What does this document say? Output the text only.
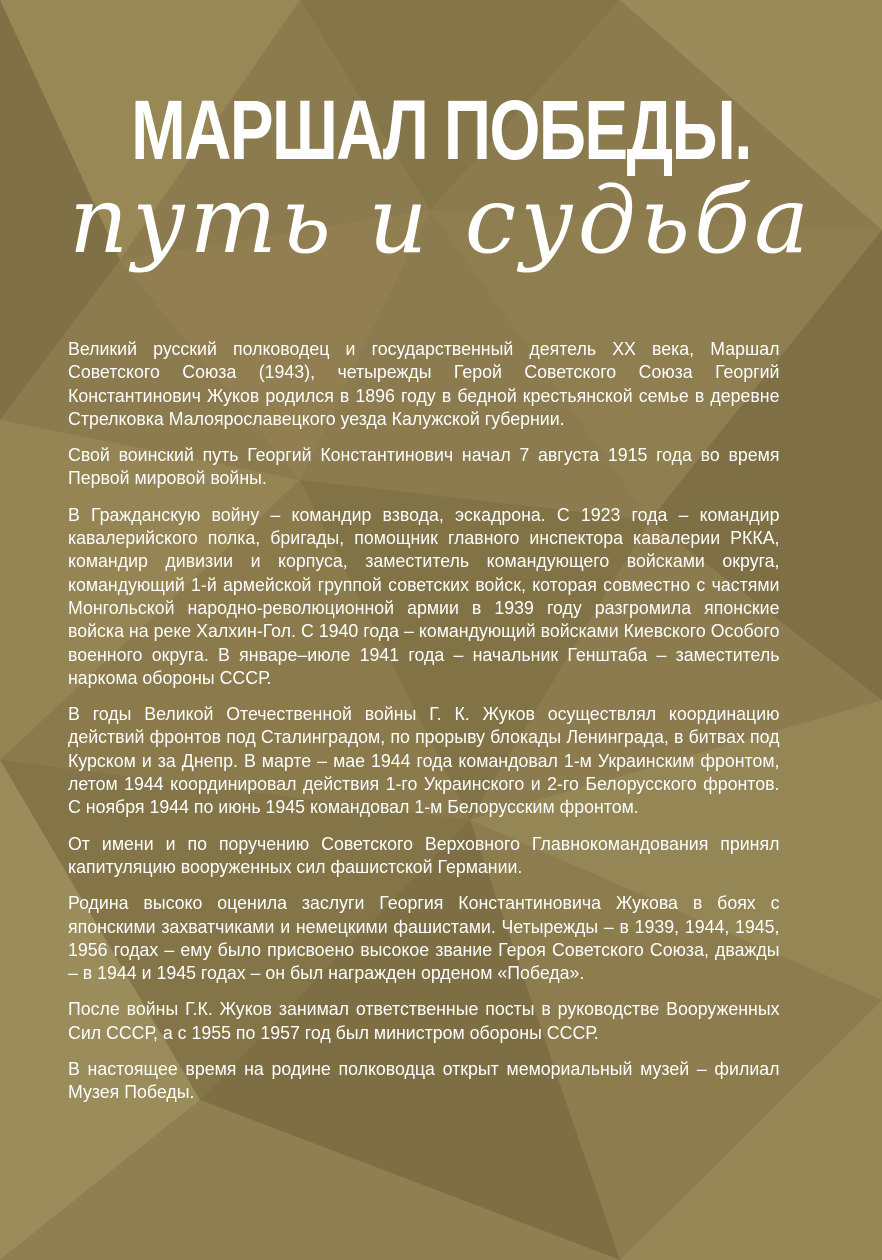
МАРШАЛ ПОБЕДЫ.
путь и судьба

Великий русский полководец и государственный деятель XX века, Маршал Советского Союза (1943), четырежды Герой Советского Союза Георгий Константинович Жуков родился в 1896 году в бедной крестьянской семье в деревне Стрелковка Малоярославецкого уезда Калужской губернии.

Свой воинский путь Георгий Константинович начал 7 августа 1915 года во время Первой мировой войны.

В Гражданскую войну – командир взвода, эскадрона. С 1923 года – командир кавалерийского полка, бригады, помощник главного инспектора кавалерии РККА, командир дивизии и корпуса, заместитель командующего войсками округа, командующий 1-й армейской группой советских войск, которая совместно с частями Монгольской народно-революционной армии в 1939 году разгромила японские войска на реке Халхин-Гол. С 1940 года – командующий войсками Киевского Особого военного округа. В январе–июле 1941 года – начальник Генштаба – заместитель наркома обороны СССР.

В годы Великой Отечественной войны Г. К. Жуков осуществлял координацию действий фронтов под Сталинградом, по прорыву блокады Ленинграда, в битвах под Курском и за Днепр. В марте – мае 1944 года командовал 1-м Украинским фронтом, летом 1944 координировал действия 1-го Украинского и 2-го Белорусского фронтов. С ноября 1944 по июнь 1945 командовал 1-м Белорусским фронтом.

От имени и по поручению Советского Верховного Главнокомандования принял капитуляцию вооруженных сил фашистской Германии.

Родина высоко оценила заслуги Георгия Константиновича Жукова в боях с японскими захватчиками и немецкими фашистами. Четырежды – в 1939, 1944, 1945, 1956 годах – ему было присвоено высокое звание Героя Советского Союза, дважды – в 1944 и 1945 годах – он был награжден орденом «Победа».

После войны Г.К. Жуков занимал ответственные посты в руководстве Вооруженных Сил СССР, а с 1955 по 1957 год был министром обороны СССР.

В настоящее время на родине полководца открыт мемориальный музей – филиал Музея Победы.
